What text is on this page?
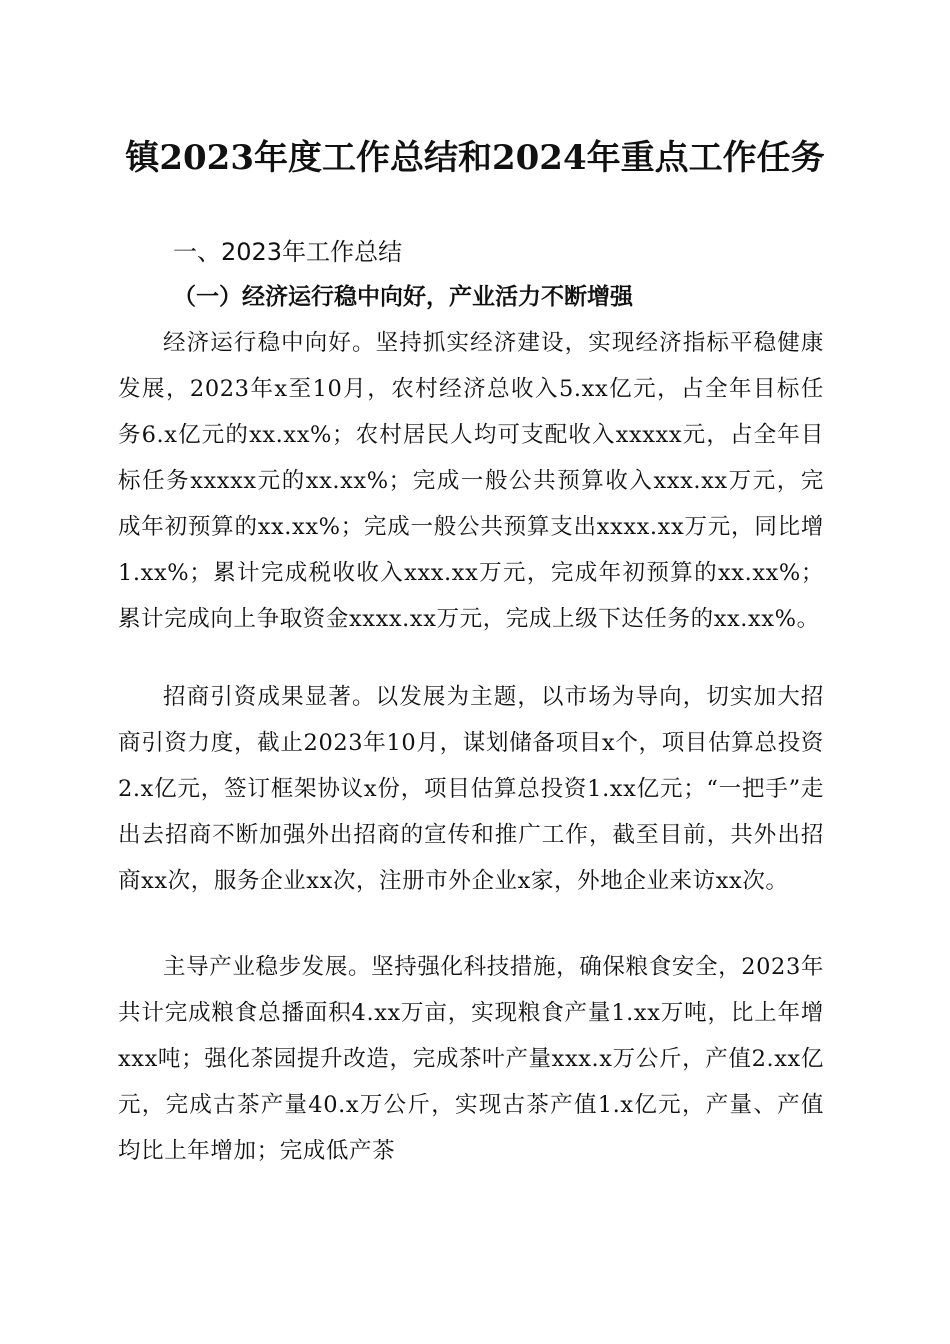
镇2023年度工作总结和2024年重点工作任务
一、2023年工作总结
（一）经济运行稳中向好，产业活力不断增强

经济运行稳中向好。坚持抓实经济建设，实现经济指标平稳健康发展，2023年x至10月，农村经济总收入5.xx亿元，占全年目标任务6.x亿元的xx.xx%；农村居民人均可支配收入xxxxx元，占全年目标任务xxxxx元的xx.xx%；完成一般公共预算收入xxx.xx万元，完成年初预算的xx.xx%；完成一般公共预算支出xxxx.xx万元，同比增1.xx%；累计完成税收收入xxx.xx万元，完成年初预算的xx.xx%；累计完成向上争取资金xxxx.xx万元，完成上级下达任务的xx.xx%。

招商引资成果显著。以发展为主题，以市场为导向，切实加大招商引资力度，截止2023年10月，谋划储备项目x个，项目估算总投资2.x亿元，签订框架协议x份，项目估算总投资1.xx亿元；“一把手”走出去招商不断加强外出招商的宣传和推广工作，截至目前，共外出招商xx次，服务企业xx次，注册市外企业x家，外地企业来访xx次。

主导产业稳步发展。坚持强化科技措施，确保粮食安全，2023年共计完成粮食总播面积4.xx万亩，实现粮食产量1.xx万吨，比上年增xxx吨；强化茶园提升改造，完成茶叶产量xxx.x万公斤，产值2.xx亿元，完成古茶产量40.x万公斤，实现古茶产值1.x亿元，产量、产值均比上年增加；完成低产茶
